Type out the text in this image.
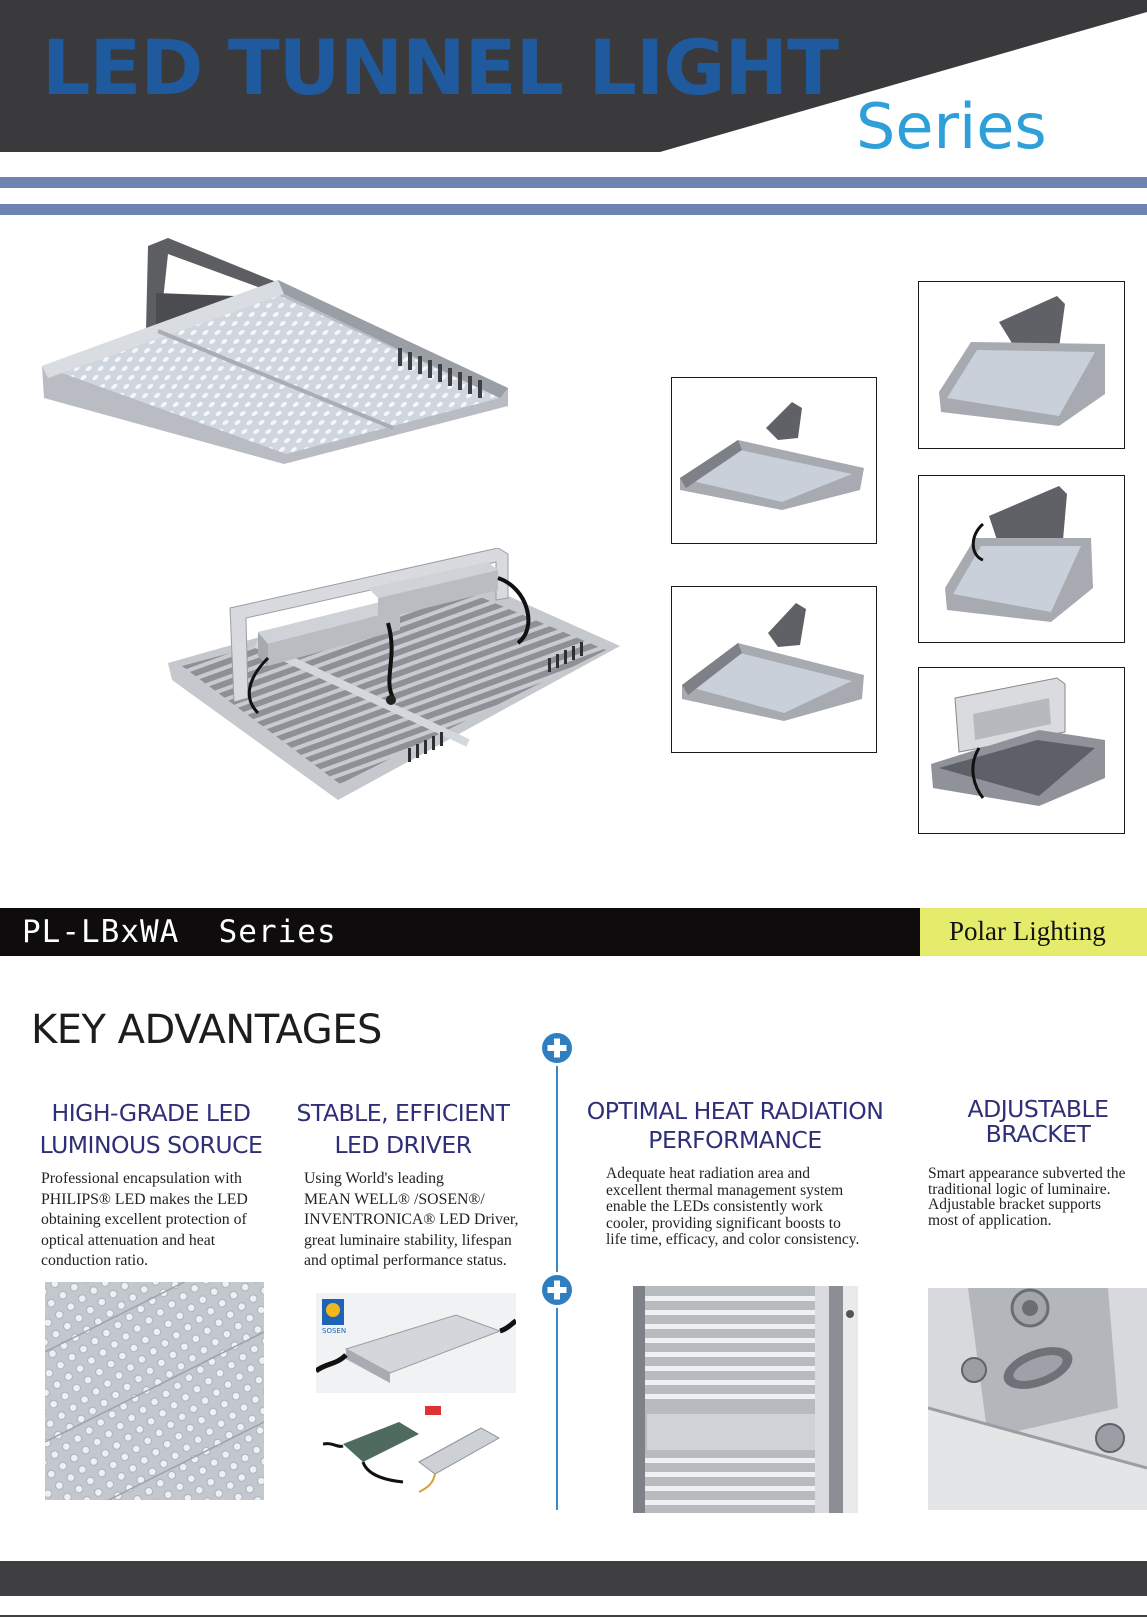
LED TUNNEL LIGHT
Series
PL-LBxWA  Series	Polar Lighting
KEY ADVANTAGES
HIGH-GRADE LED
LUMINOUS SORUCE
Professional encapsulation with
PHILIPS® LED makes the LED
obtaining excellent protection of
optical attenuation and heat
conduction ratio.
STABLE, EFFICIENT
LED DRIVER
Using World's leading
MEAN WELL® /SOSEN®/
INVENTRONICA® LED Driver,
great luminaire stability, lifespan
and optimal performance status.
SOSEN
OPTIMAL HEAT RADIATION
PERFORMANCE
Adequate heat radiation area and
excellent thermal management system
enable the LEDs consistently work
cooler, providing significant boosts to
life time, efficacy, and color consistency.
ADJUSTABLE
BRACKET
Smart appearance subverted the
traditional logic of luminaire.
Adjustable bracket supports
most of application.
